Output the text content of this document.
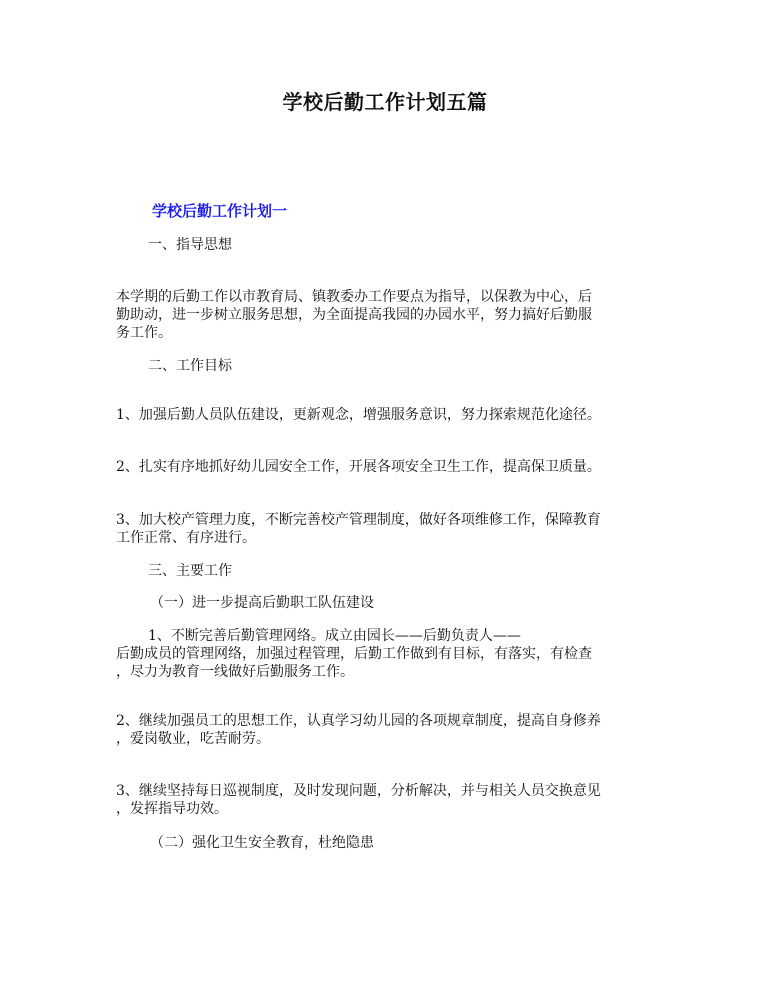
学校后勤工作计划五篇
学校后勤工作计划一
一、指导思想
本学期的后勤工作以市教育局、镇教委办工作要点为指导，以保教为中心，后
勤助动，进一步树立服务思想，为全面提高我园的办园水平，努力搞好后勤服
务工作。
二、工作目标
1、加强后勤人员队伍建设，更新观念，增强服务意识，努力探索规范化途径。
2、扎实有序地抓好幼儿园安全工作，开展各项安全卫生工作，提高保卫质量。
3、加大校产管理力度，不断完善校产管理制度，做好各项维修工作，保障教育
工作正常、有序进行。
三、主要工作
（一）进一步提高后勤职工队伍建设
1、不断完善后勤管理网络。成立由园长——后勤负责人——
后勤成员的管理网络，加强过程管理，后勤工作做到有目标，有落实，有检查
，尽力为教育一线做好后勤服务工作。
2、继续加强员工的思想工作，认真学习幼儿园的各项规章制度，提高自身修养
，爱岗敬业，吃苦耐劳。
3、继续坚持每日巡视制度，及时发现问题，分析解决，并与相关人员交换意见
，发挥指导功效。
（二）强化卫生安全教育，杜绝隐患
